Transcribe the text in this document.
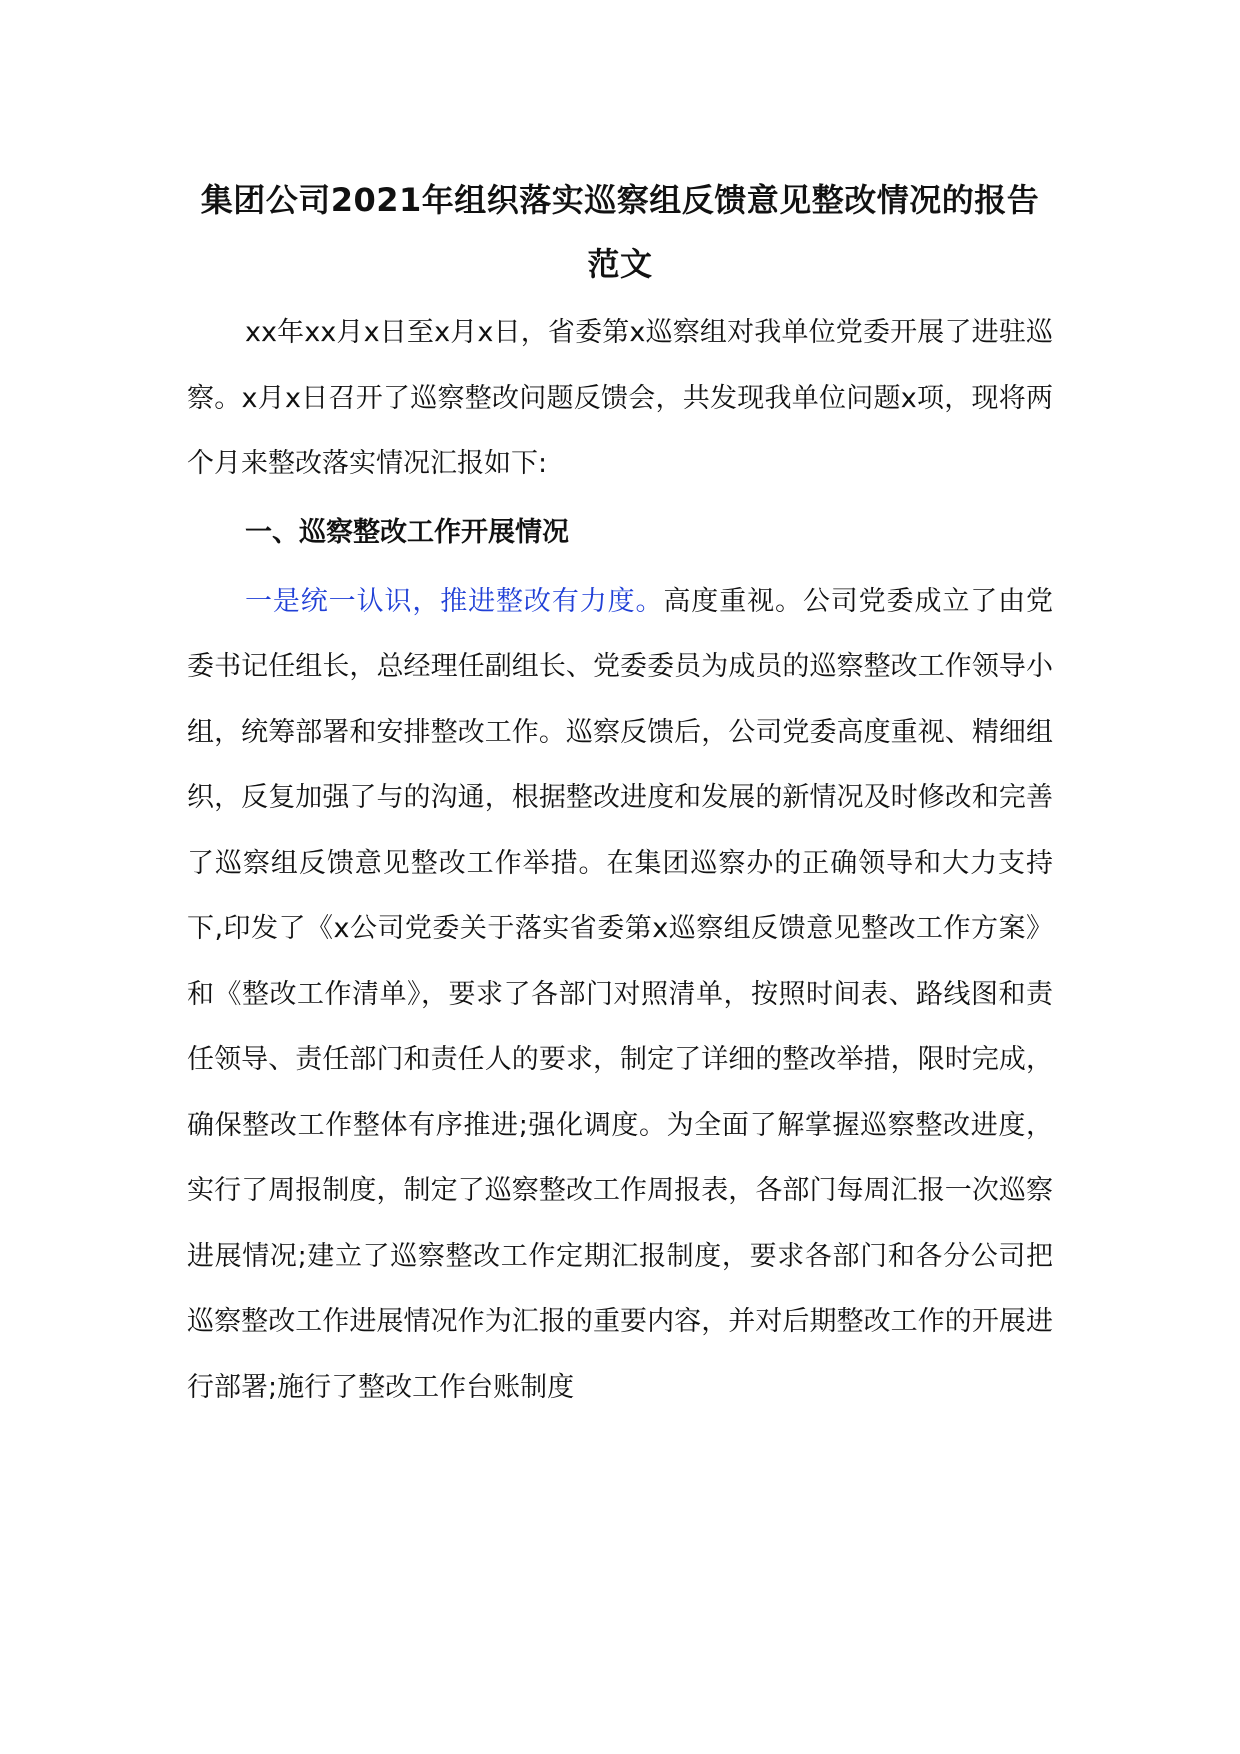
集团公司2021年组织落实巡察组反馈意见整改情况的报告范文

xx年xx月x日至x月x日，省委第x巡察组对我单位党委开展了进驻巡察。x月x日召开了巡察整改问题反馈会，共发现我单位问题x项，现将两个月来整改落实情况汇报如下:

一、巡察整改工作开展情况

一是统一认识，推进整改有力度。高度重视。公司党委成立了由党委书记任组长，总经理任副组长、党委委员为成员的巡察整改工作领导小组，统筹部署和安排整改工作。巡察反馈后，公司党委高度重视、精细组织，反复加强了与的沟通，根据整改进度和发展的新情况及时修改和完善了巡察组反馈意见整改工作举措。在集团巡察办的正确领导和大力支持下,印发了《x公司党委关于落实省委第x巡察组反馈意见整改工作方案》和《整改工作清单》，要求了各部门对照清单，按照时间表、路线图和责任领导、责任部门和责任人的要求，制定了详细的整改举措，限时完成，确保整改工作整体有序推进;强化调度。为全面了解掌握巡察整改进度，实行了周报制度，制定了巡察整改工作周报表，各部门每周汇报一次巡察进展情况;建立了巡察整改工作定期汇报制度，要求各部门和各分公司把巡察整改工作进展情况作为汇报的重要内容，并对后期整改工作的开展进行部署;施行了整改工作台账制度
